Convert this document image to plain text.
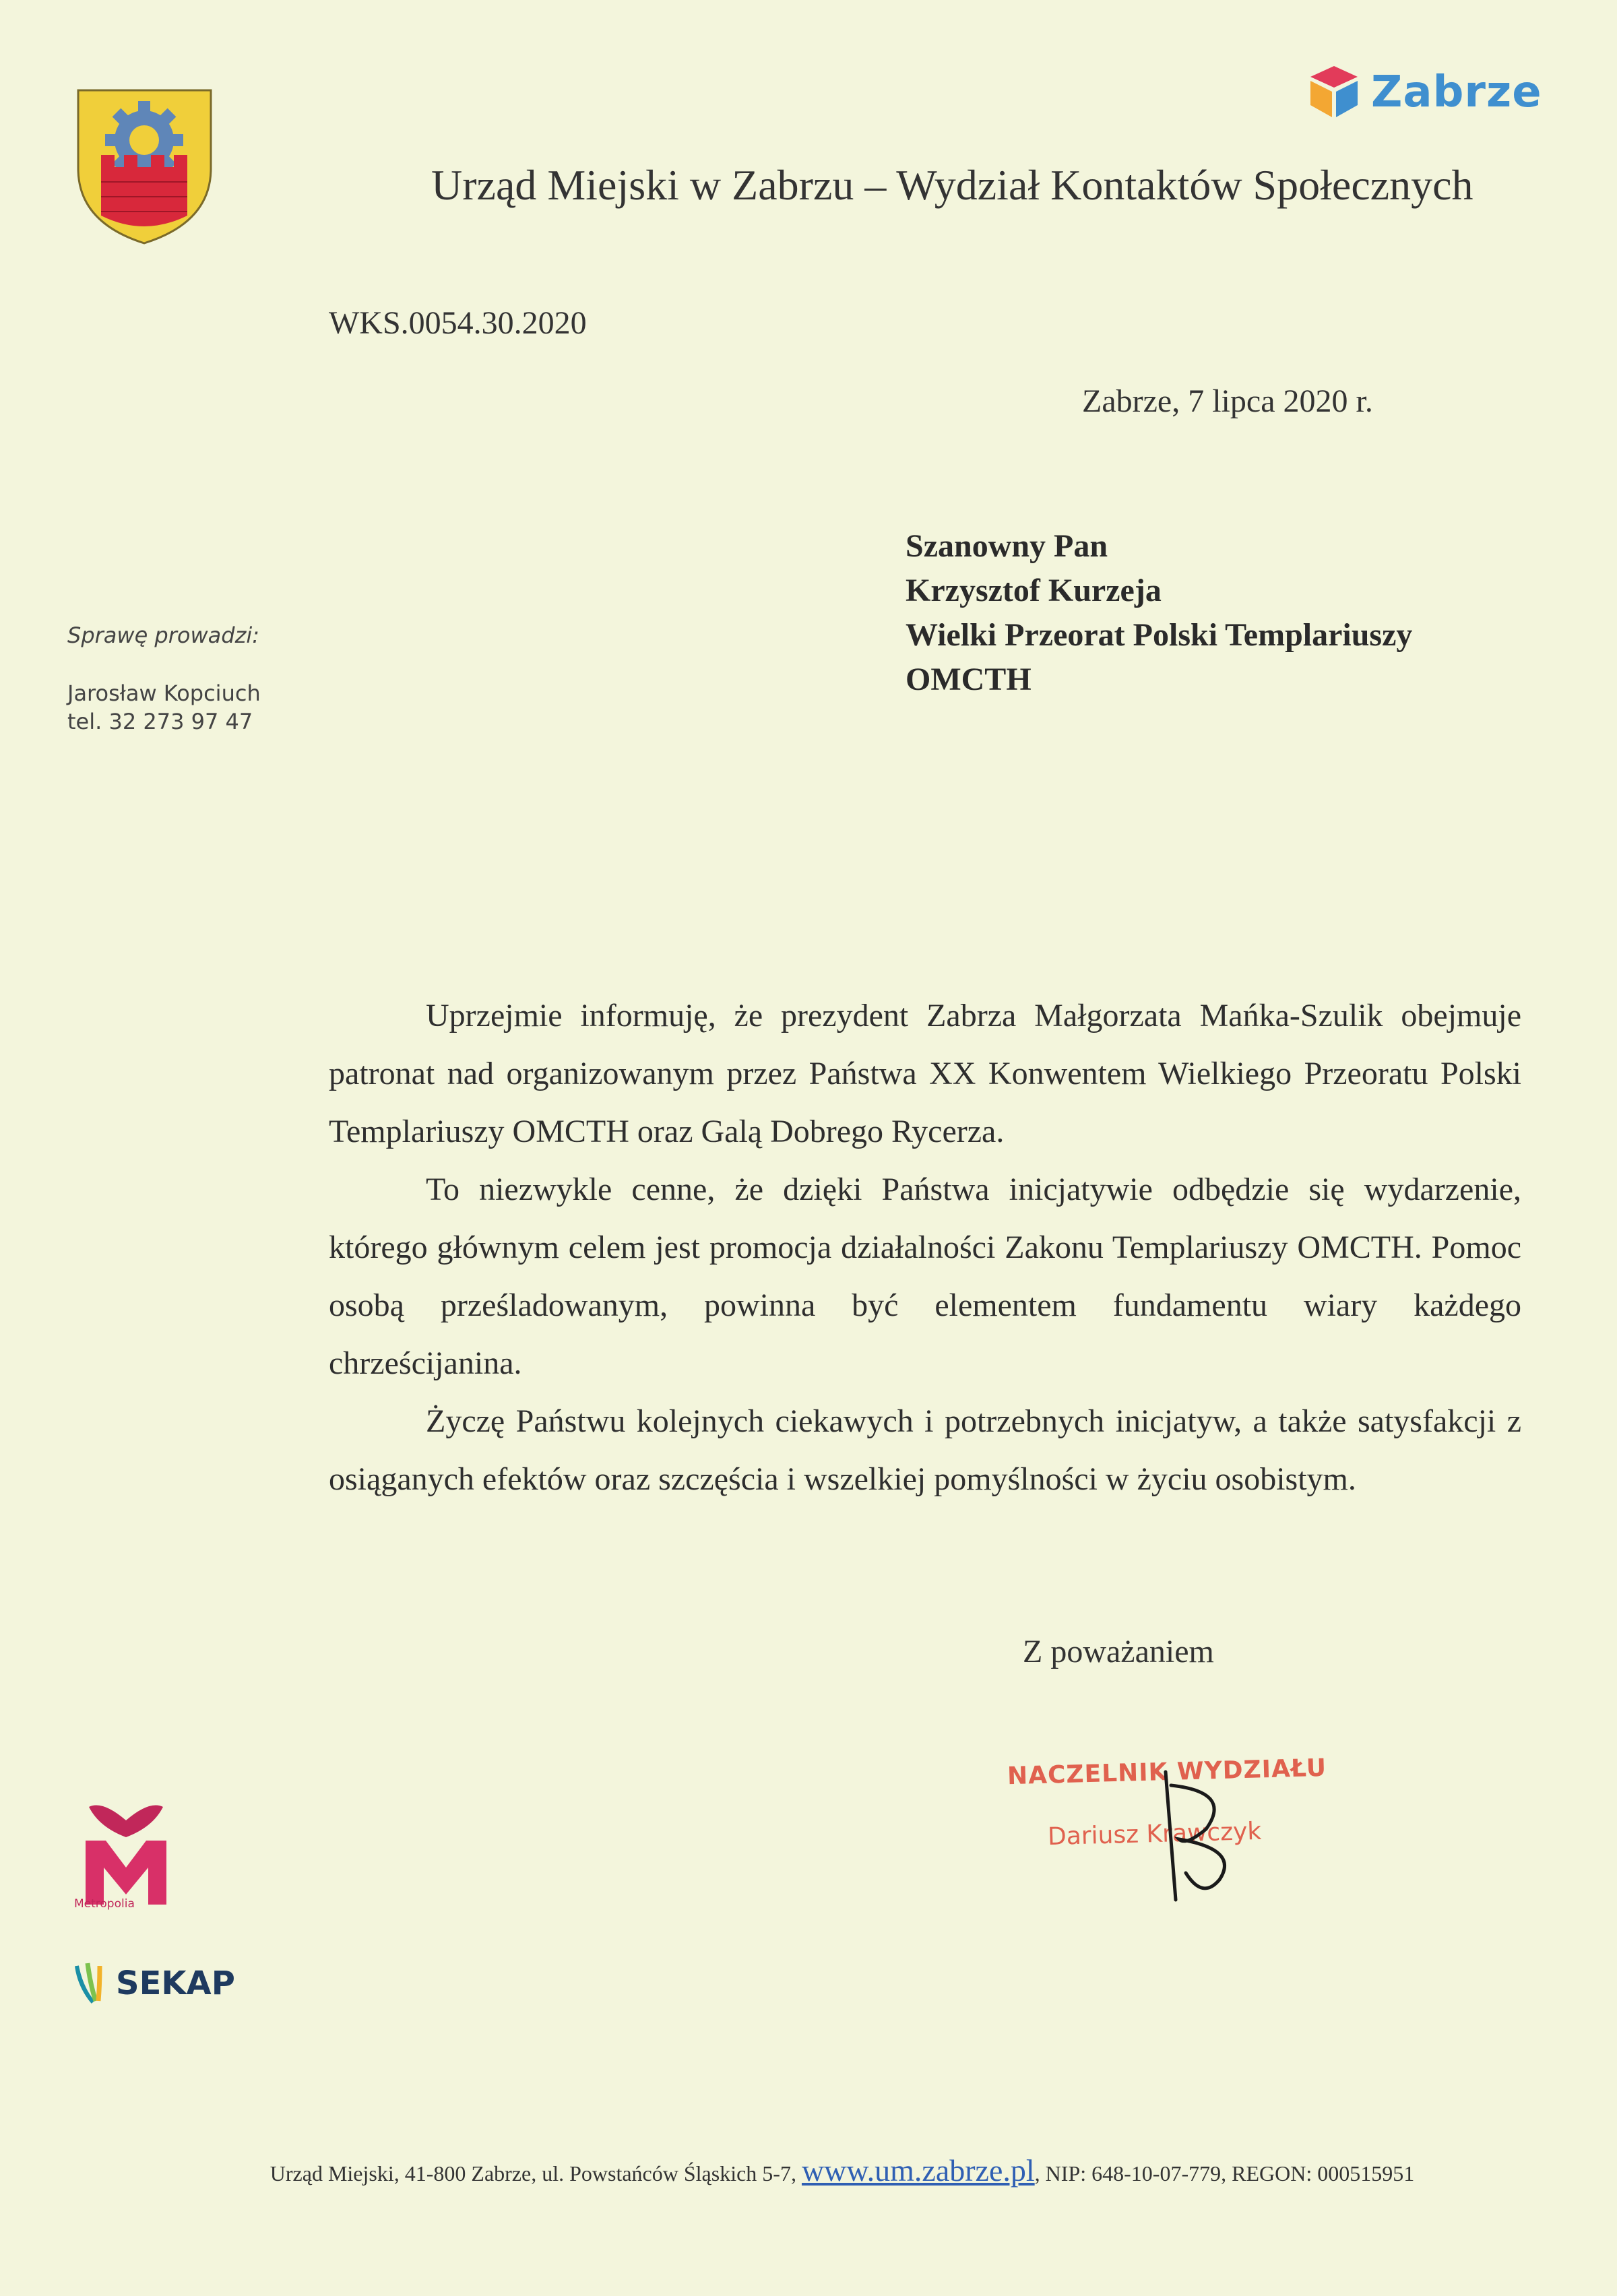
Zabrze
Urząd Miejski w Zabrzu – Wydział Kontaktów Społecznych
WKS.0054.30.2020
Zabrze, 7 lipca 2020 r.
Szanowny Pan
Krzysztof Kurzeja
Wielki Przeorat Polski Templariuszy
OMCTH
Sprawę prowadzi:
Jarosław Kopciuch
tel. 32 273 97 47

Uprzejmie informuję, że prezydent Zabrza Małgorzata Mańka-Szulik obejmuje patronat nad organizowanym przez Państwa XX Konwentem Wielkiego Przeoratu Polski Templariuszy OMCTH oraz Galą Dobrego Rycerza.

To niezwykle cenne, że dzięki Państwa inicjatywie odbędzie się wydarzenie, którego głównym celem jest promocja działalności Zakonu Templariuszy OMCTH. Pomoc osobą prześladowanym, powinna być elementem fundamentu wiary każdego chrześcijanina.

Życzę Państwu kolejnych ciekawych i potrzebnych inicjatyw, a także satysfakcji z osiąganych efektów oraz szczęścia i wszelkiej pomyślności w życiu osobistym.

Z poważaniem
NACZELNIK WYDZIAŁU
Dariusz Krawczyk
Metropolia
SEKAP
Urząd Miejski, 41-800 Zabrze, ul. Powstańców Śląskich 5-7, www.um.zabrze.pl, NIP: 648-10-07-779, REGON: 000515951
